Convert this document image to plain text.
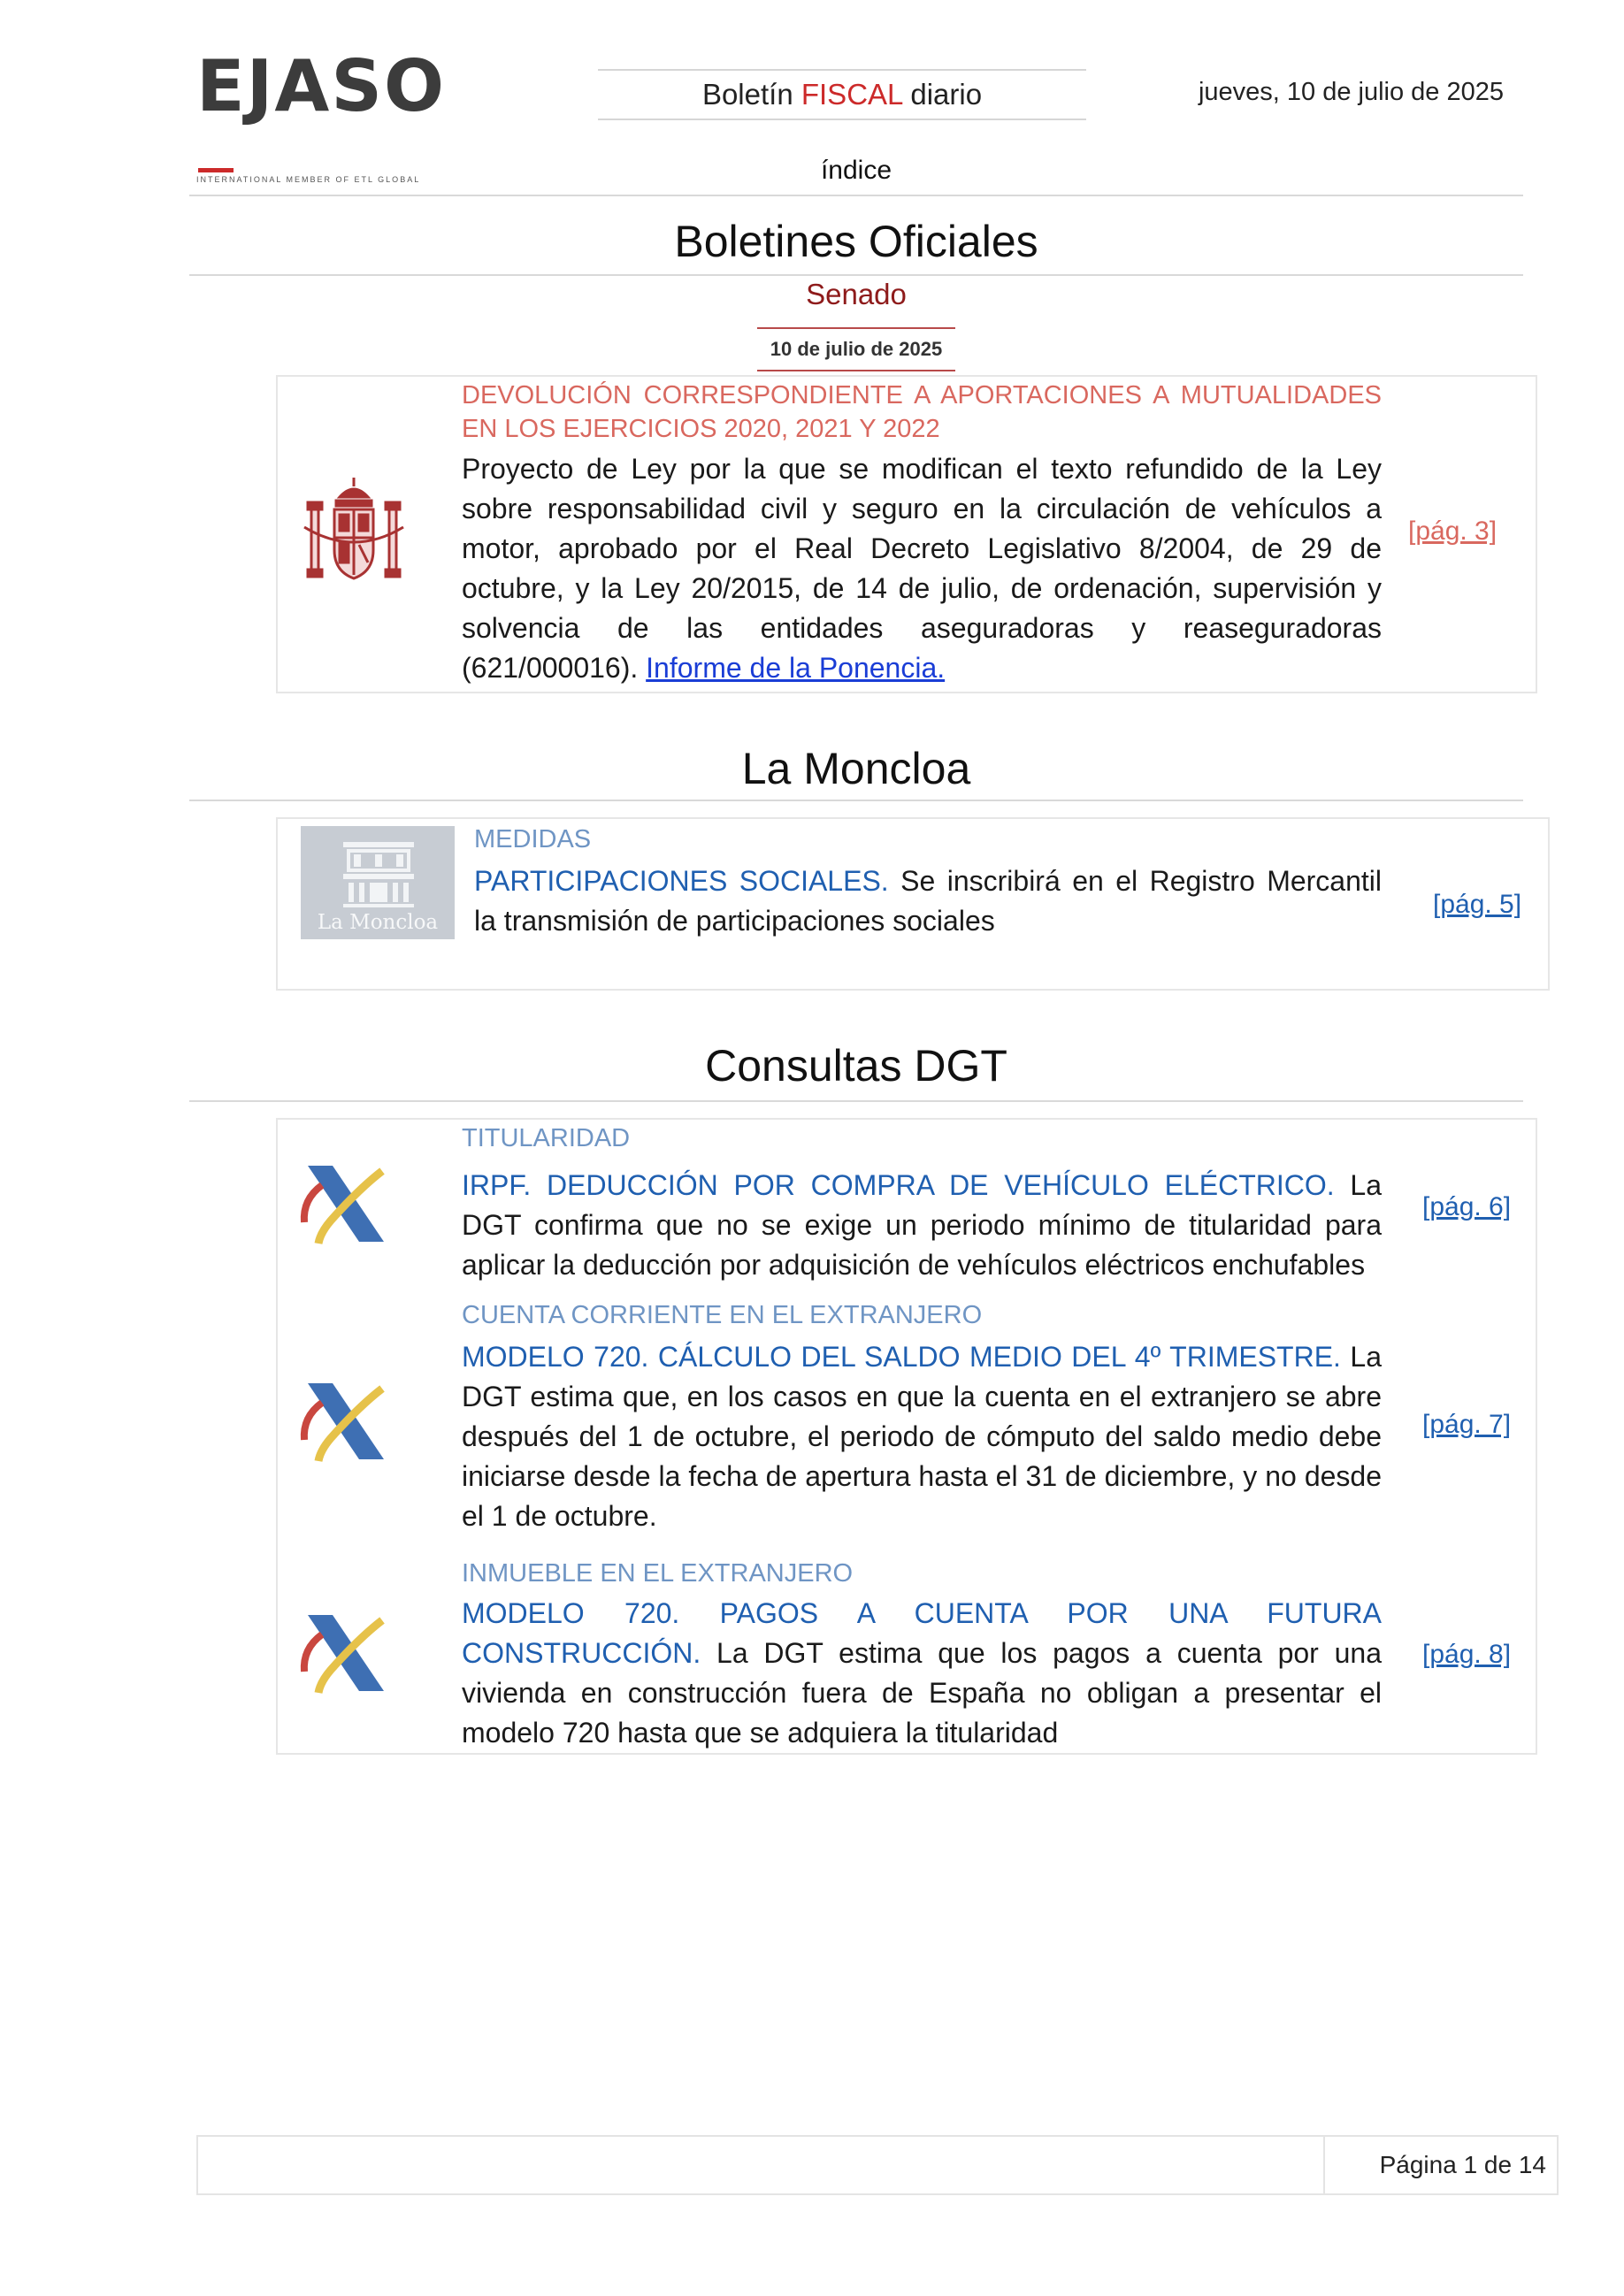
EJASO
INTERNATIONAL MEMBER OF ETL GLOBAL
Boletín FISCAL diario	jueves, 10 de julio de 2025
índice
Boletines Oficiales
Senado
10 de julio de 2025
DEVOLUCIÓN CORRESPONDIENTE A APORTACIONES A MUTUALIDADES EN LOS EJERCICIOS 2020, 2021 Y 2022
Proyecto de Ley por la que se modifican el texto refundido de la Ley sobre responsabilidad civil y seguro en la circulación de vehículos a motor, aprobado por el Real Decreto Legislativo 8/2004, de 29 de octubre, y la Ley 20/2015, de 14 de julio, de ordenación, supervisión y solvencia de las entidades aseguradoras y reaseguradoras (621/000016). Informe de la Ponencia.
[pág. 3]
La Moncloa
La Moncloa
MEDIDAS
PARTICIPACIONES SOCIALES. Se inscribirá en el Registro Mercantil la transmisión de participaciones sociales
[pág. 5]
Consultas DGT
TITULARIDAD
IRPF. DEDUCCIÓN POR COMPRA DE VEHÍCULO ELÉCTRICO. La DGT confirma que no se exige un periodo mínimo de titularidad para aplicar la deducción por adquisición de vehículos eléctricos enchufables
[pág. 6]
CUENTA CORRIENTE EN EL EXTRANJERO
MODELO 720. CÁLCULO DEL SALDO MEDIO DEL 4º TRIMESTRE. La DGT estima que, en los casos en que la cuenta en el extranjero se abre después del 1 de octubre, el periodo de cómputo del saldo medio debe iniciarse desde la fecha de apertura hasta el 31 de diciembre, y no desde el 1 de octubre.
[pág. 7]
INMUEBLE EN EL EXTRANJERO
MODELO 720. PAGOS A CUENTA POR UNA FUTURA CONSTRUCCIÓN. La DGT estima que los pagos a cuenta por una vivienda en construcción fuera de España no obligan a presentar el modelo 720 hasta que se adquiera la titularidad
[pág. 8]
Página 1 de 14
